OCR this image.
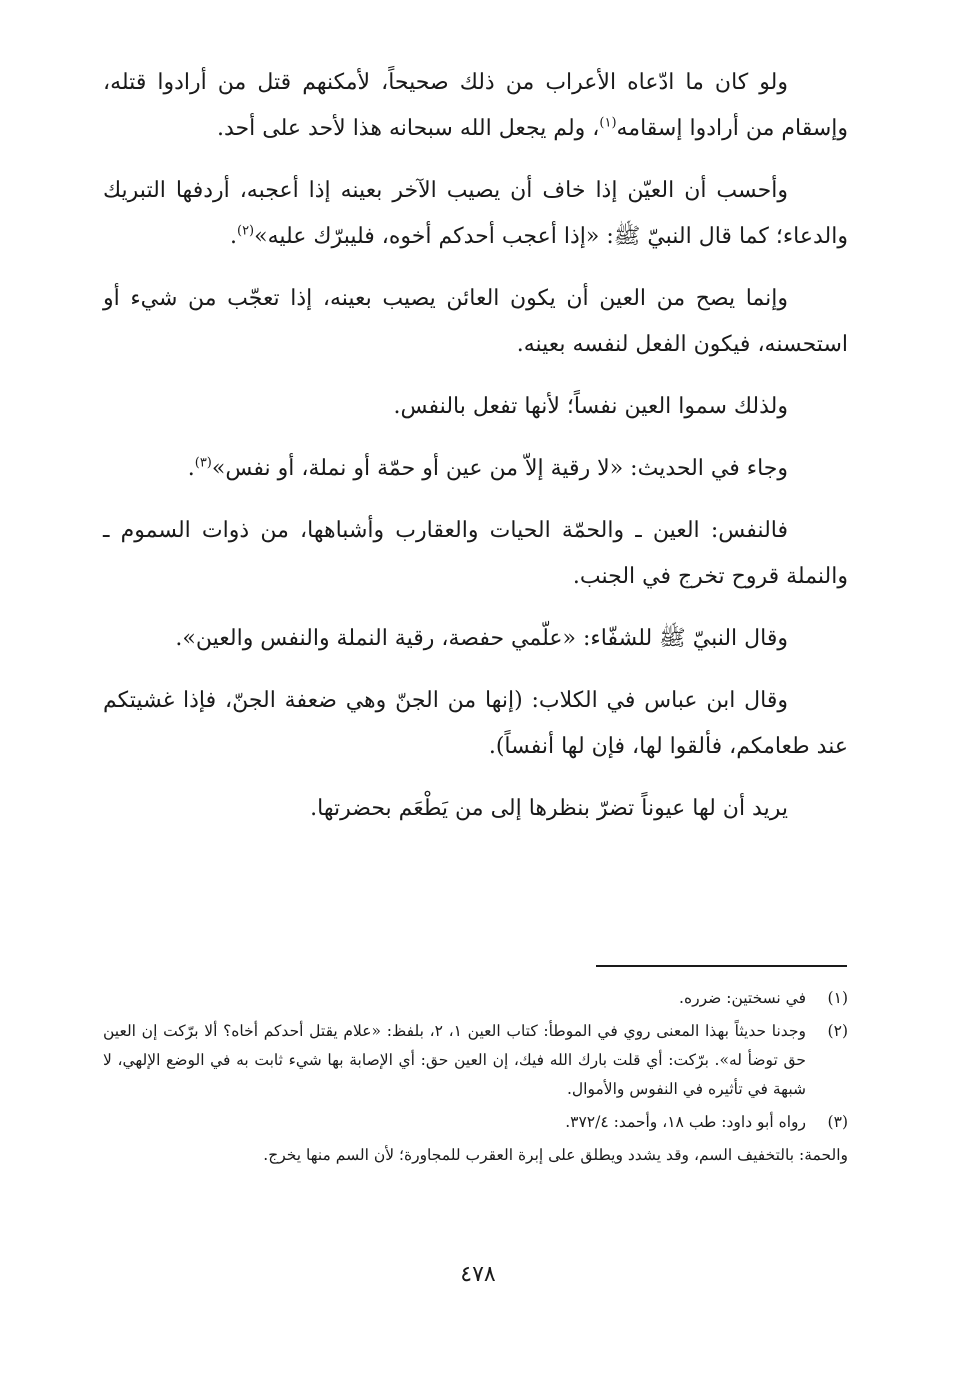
ولو كان ما ادّعاه الأعراب من ذلك صحيحاً، لأمكنهم قتل من أرادوا قتله، وإسقام من أرادوا إسقامه$^{(١)}$، ولم يجعل الله سبحانه هذا لأحد على أحد.

وأحسب أن العيّن إذا خاف أن يصيب الآخر بعينه إذا أعجبه، أردفها التبريك والدعاء؛ كما قال النبيّ ﷺ: «إذا أعجب أحدكم أخوه، فليبرّك عليه»$^{(٢)}$.

وإنما يصح من العين أن يكون العائن يصيب بعينه، إذا تعجّب من شيء أو استحسنه، فيكون الفعل لنفسه بعينه.

ولذلك سموا العين نفساً؛ لأنها تفعل بالنفس.

وجاء في الحديث: «لا رقية إلاّ من عين أو حمّة أو نملة، أو نفس»$^{(٣)}$.

فالنفس: العين ـ والحمّة الحيات والعقارب وأشباهها، من ذوات السموم ـ والنملة قروح تخرج في الجنب.

وقال النبيّ ﷺ للشفّاء: «علّمي حفصة، رقية النملة والنفس والعين».

وقال ابن عباس في الكلاب: (إنها من الجنّ وهي ضعفة الجنّ، فإذا غشيتكم عند طعامكم، فألقوا لها، فإن لها أنفساً).

يريد أن لها عيوناً تضرّ بنظرها إلى من يَطْعَم بحضرتها.

(١)
في نسختين: ضرره.
(٢)
وجدنا حديثاً بهذا المعنى روي في الموطأ: كتاب العين ١، ٢، بلفظ: «علام يقتل أحدكم أخاه؟ ألا برّكت إن العين حق توضأ له». برّكت: أي قلت بارك الله فيك، إن العين حق: أي الإصابة بها شيء ثابت به في الوضع الإلهي، لا شبهة في تأثيره في النفوس والأموال.
(٣)
رواه أبو داود: طب ١٨، وأحمد: ٣٧٢/٤.

والحمة: بالتخفيف السم، وقد يشدد ويطلق على إبرة العقرب للمجاورة؛ لأن السم منها يخرج.

٤٧٨
